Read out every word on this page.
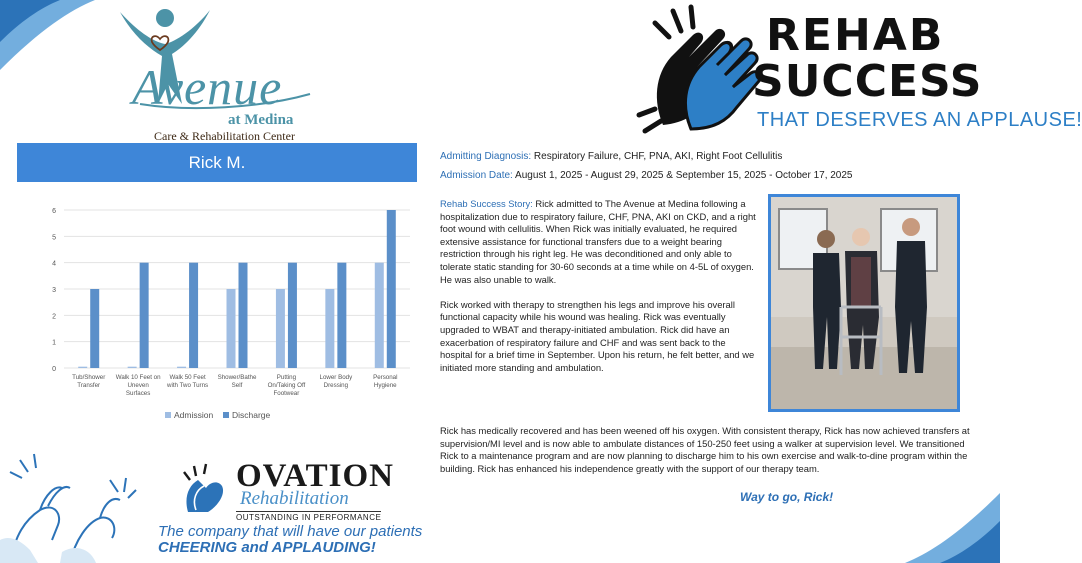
Avenue
at Medina
Care & Rehabilitation Center
Rick M.
0
1
2
3
4
5
6
Tub/Shower Transfer
Walk 10 Feet on Uneven Surfaces
Walk 50 Feet with Two Turns
Shower/Bathe Self
Putting On/Taking Off Footwear
Lower Body Dressing
Personal Hygiene
Admission Discharge
OVATION
Rehabilitation
OUTSTANDING IN PERFORMANCE
The company that will have our patients
CHEERING and APPLAUDING!
REHAB
SUCCESS
THAT DESERVES AN APPLAUSE!
Admitting Diagnosis: Respiratory Failure, CHF, PNA, AKI, Right Foot Cellulitis
Admission Date: August 1, 2025 - August 29, 2025 & September 15, 2025 - October 17, 2025

Rehab Success Story: Rick admitted to The Avenue at Medina following a hospitalization due to respiratory failure, CHF, PNA, AKI on CKD, and a right foot wound with cellulitis. When Rick was initially evaluated, he required extensive assistance for functional transfers due to a weight bearing restriction through his right leg. He was deconditioned and only able to tolerate static standing for 30-60 seconds at a time while on 4-5L of oxygen. He was also unable to walk.

Rick worked with therapy to strengthen his legs and improve his overall functional capacity while his wound was healing. Rick was eventually upgraded to WBAT and therapy-initiated ambulation. Rick did have an exacerbation of respiratory failure and CHF and was sent back to the hospital for a brief time in September. Upon his return, he felt better, and we initiated more standing and ambulation.

Rick has medically recovered and has been weened off his oxygen. With consistent therapy, Rick has now achieved transfers at supervision/MI level and is now able to ambulate distances of 150-250 feet using a walker at supervision level. We transitioned Rick to a maintenance program and are now planning to discharge him to his own exercise and walk-to-dine program within the building. Rick has enhanced his independence greatly with the support of our therapy team.
Way to go, Rick!
